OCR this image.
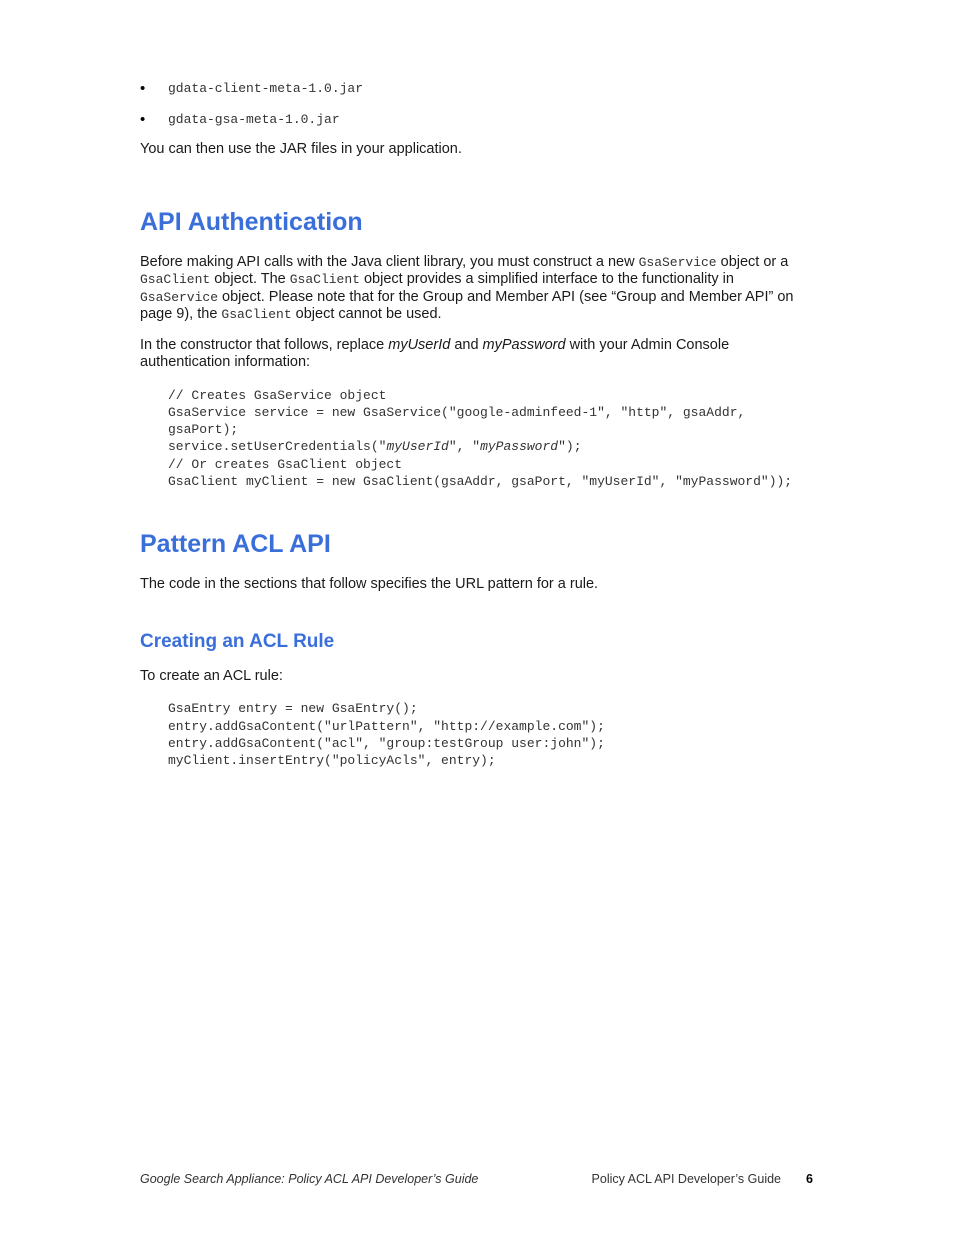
• gdata-client-meta-1.0.jar
• gdata-gsa-meta-1.0.jar

You can then use the JAR files in your application.

API Authentication

Before making API calls with the Java client library, you must construct a new GsaService object or a GsaClient object. The GsaClient object provides a simplified interface to the functionality in GsaService object. Please note that for the Group and Member API (see “Group and Member API” on page 9), the GsaClient object cannot be used.

In the constructor that follows, replace myUserId and myPassword with your Admin Console authentication information:

// Creates GsaService object
GsaService service = new GsaService("google-adminfeed-1", "http", gsaAddr,
gsaPort);
service.setUserCredentials("myUserId", "myPassword");
// Or creates GsaClient object
GsaClient myClient = new GsaClient(gsaAddr, gsaPort, "myUserId", "myPassword"));
Pattern ACL API

The code in the sections that follow specifies the URL pattern for a rule.

Creating an ACL Rule

To create an ACL rule:

GsaEntry entry = new GsaEntry();
entry.addGsaContent("urlPattern", "http://example.com");
entry.addGsaContent("acl", "group:testGroup user:john");
myClient.insertEntry("policyAcls", entry);
Google Search Appliance: Policy ACL API Developer’s Guide	Policy ACL API Developer’s Guide 6
